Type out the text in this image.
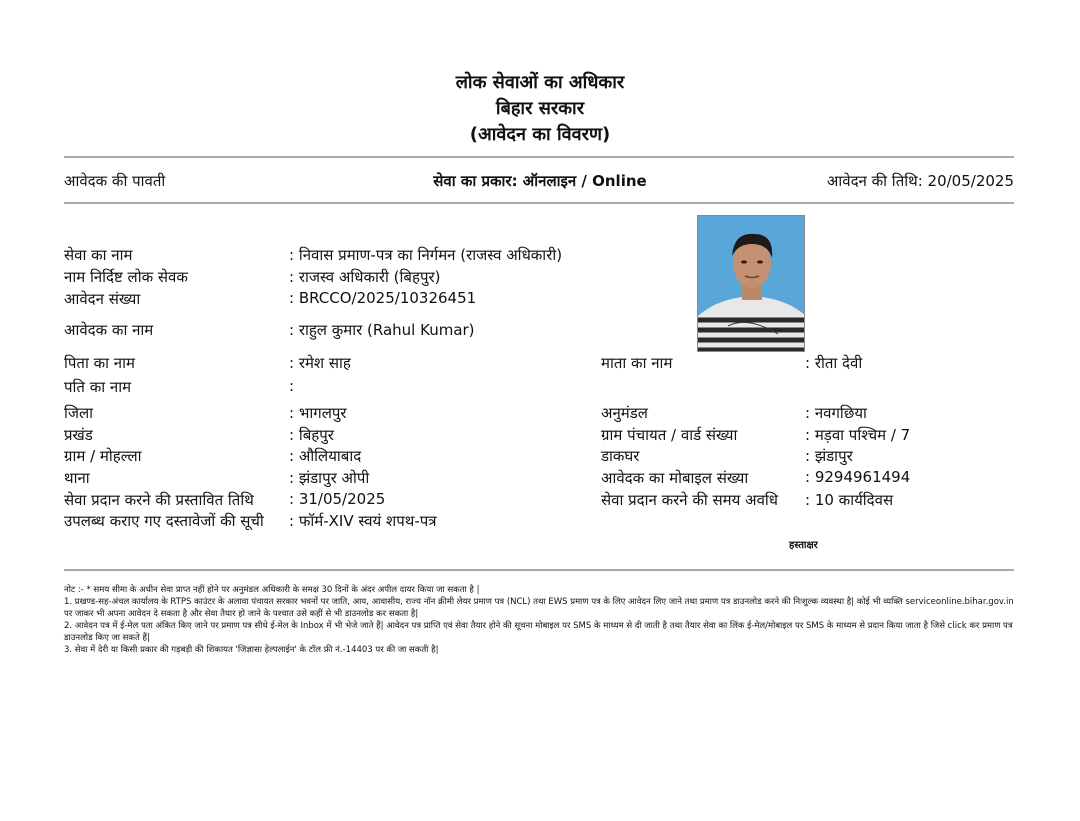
लोक सेवाओं का अधिकार
बिहार सरकार
(आवेदन का विवरण)
आवेदक की पावती	सेवा का प्रकार: ऑनलाइन / Online	आवेदन की तिथि: 20/05/2025
सेवा का नाम	: निवास प्रमाण-पत्र का निर्गमन (राजस्व अधिकारी)
नाम निर्दिष्ट लोक सेवक	: राजस्व अधिकारी (बिहपुर)
आवेदन संख्या	: BRCCO/2025/10326451
आवेदक का नाम	: राहुल कुमार (Rahul Kumar)
पिता का नाम	: रमेश साह	माता का नाम	: रीता देवी
पति का नाम	:
जिला	: भागलपुर	अनुमंडल	: नवगछिया
प्रखंड	: बिहपुर	ग्राम पंचायत / वार्ड संख्या	: मड़वा पश्चिम / 7
ग्राम / मोहल्ला	: औलियाबाद	डाकघर	: झंडापुर
थाना	: झंडापुर ओपी	आवेदक का मोबाइल संख्या	: 9294961494
सेवा प्रदान करने की प्रस्तावित तिथि : 31/05/2025	सेवा प्रदान करने की समय अवधि : 10 कार्यदिवस
उपलब्ध कराए गए दस्तावेजों की सूची : फॉर्म-XIV स्वयं शपथ-पत्र
हस्ताक्षर
नोट :- * समय सीमा के अधीन सेवा प्राप्त नहीं होने पर अनुमंडल अधिकारी के समक्ष 30 दिनों के अंदर अपील दायर किया जा सकता है |
1. प्रखण्ड-सह-अंचल कार्यालय के RTPS काउंटर के अलावा पंचायत सरकार भवनों पर जाति, आय, आवासीय, राज्य नॉन क्रीमी लेयर प्रमाण पत्र (NCL) तथा EWS प्रमाण पत्र के लिए आवेदन लिए जाने तथा प्रमाण पत्र डाउनलोड करने की निःशुल्क व्यवस्था है| कोई भी व्यक्ति serviceonline.bihar.gov.in पर जाकर भी अपना आवेदन दे सकता है और सेवा तैयार हो जाने के पश्चात उसे कहीं से भी डाउनलोड कर सकता है|
2. आवेदन पत्र में ई-मेल पता अंकित किए जाने पर प्रमाण पत्र सीधे ई-मेल के Inbox में भी भेजे जाते हैं| आवेदन पत्र प्राप्ति एवं सेवा तैयार होने की सूचना मोबाइल पर SMS के माध्यम से दी जाती है तथा तैयार सेवा का लिंक ई-मेल/मोबाइल पर SMS के माध्यम से प्रदान किया जाता है जिसे click कर प्रमाण पत्र डाउनलोड किए जा सकते हैं|
3. सेवा में देरी या किसी प्रकार की गड़बड़ी की शिकायत 'जिज्ञासा हेल्पलाईन' के टॉल फ्री नं.-14403 पर की जा सकती है|
